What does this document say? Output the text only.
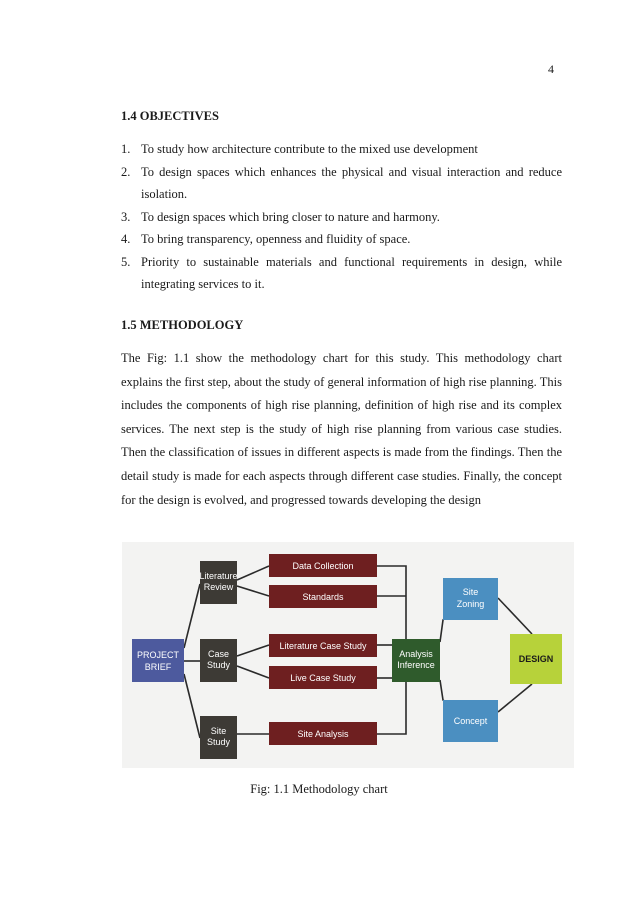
4
1.4 OBJECTIVES
1. To study how architecture contribute to the mixed use development
2. To design spaces which enhances the physical and visual interaction and reduce isolation.
3. To design spaces which bring closer to nature and harmony.
4. To bring transparency, openness and fluidity of space.
5. Priority to sustainable materials and functional requirements in design, while integrating services to it.
1.5 METHODOLOGY

The Fig: 1.1 show the methodology chart for this study. This methodology chart explains the first step, about the study of general information of high rise planning. This includes the components of high rise planning, definition of high rise and its complex services. The next step is the study of high rise planning from various case studies. Then the classification of issues in different aspects is made from the findings. Then the detail study is made for each aspects through different case studies. Finally, the concept for the design is evolved, and progressed towards developing the design

PROJECT
BRIEF
Literature
Review
Case
Study
Site
Study
Data Collection
Standards
Literature Case Study
Live Case Study
Site Analysis
Analysis
Inference
Site
Zoning
Concept
DESIGN
Fig: 1.1 Methodology chart
